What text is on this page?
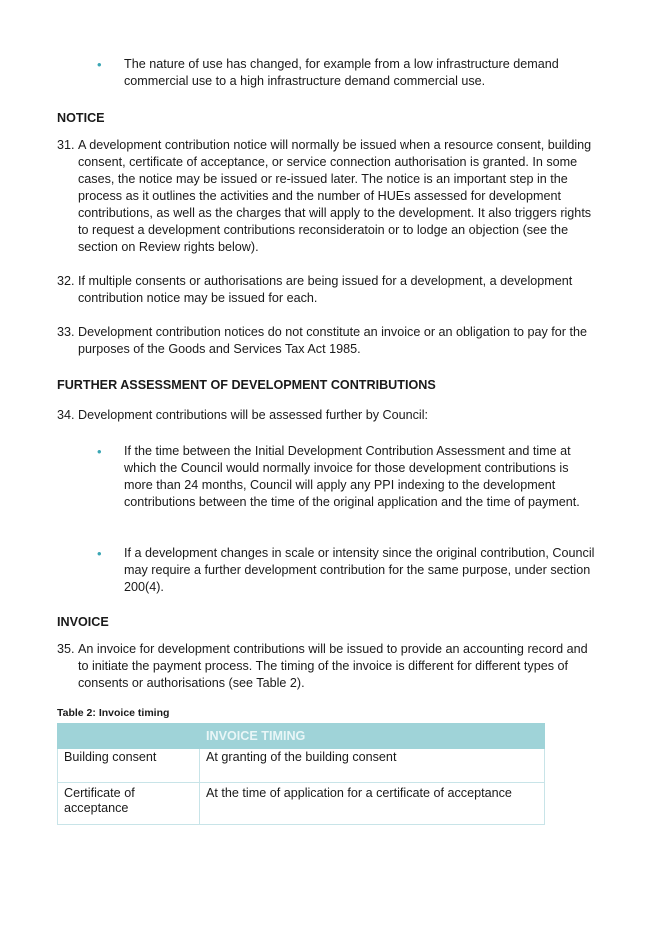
•	The nature of use has changed, for example from a low infrastructure demand commercial use to a high infrastructure demand commercial use.
NOTICE
31. A development contribution notice will normally be issued when a resource consent, building consent, certificate of acceptance, or service connection authorisation is granted. In some cases, the notice may be issued or re-issued later. The notice is an important step in the process as it outlines the activities and the number of HUEs assessed for development contributions, as well as the charges that will apply to the development. It also triggers rights to request a development contributions reconsideratoin or to lodge an objection (see the section on Review rights below).
32. If multiple consents or authorisations are being issued for a development, a development contribution notice may be issued for each.
33. Development contribution notices do not constitute an invoice or an obligation to pay for the purposes of the Goods and Services Tax Act 1985.
FURTHER ASSESSMENT OF DEVELOPMENT CONTRIBUTIONS
34. Development contributions will be assessed further by Council:
•	If the time between the Initial Development Contribution Assessment and time at which the Council would normally invoice for those development contributions is more than 24 months, Council will apply any PPI indexing to the development contributions between the time of the original application and the time of payment.
•	If a development changes in scale or intensity since the original contribution, Council may require a further development contribution for the same purpose, under section 200(4).
INVOICE
35. An invoice for development contributions will be issued to provide an accounting record and to initiate the payment process. The timing of the invoice is different for different types of consents or authorisations (see Table 2).
Table 2: Invoice timing
	INVOICE TIMING
Building consent	At granting of the building consent
Certificate of acceptance	At the time of application for a certificate of acceptance
